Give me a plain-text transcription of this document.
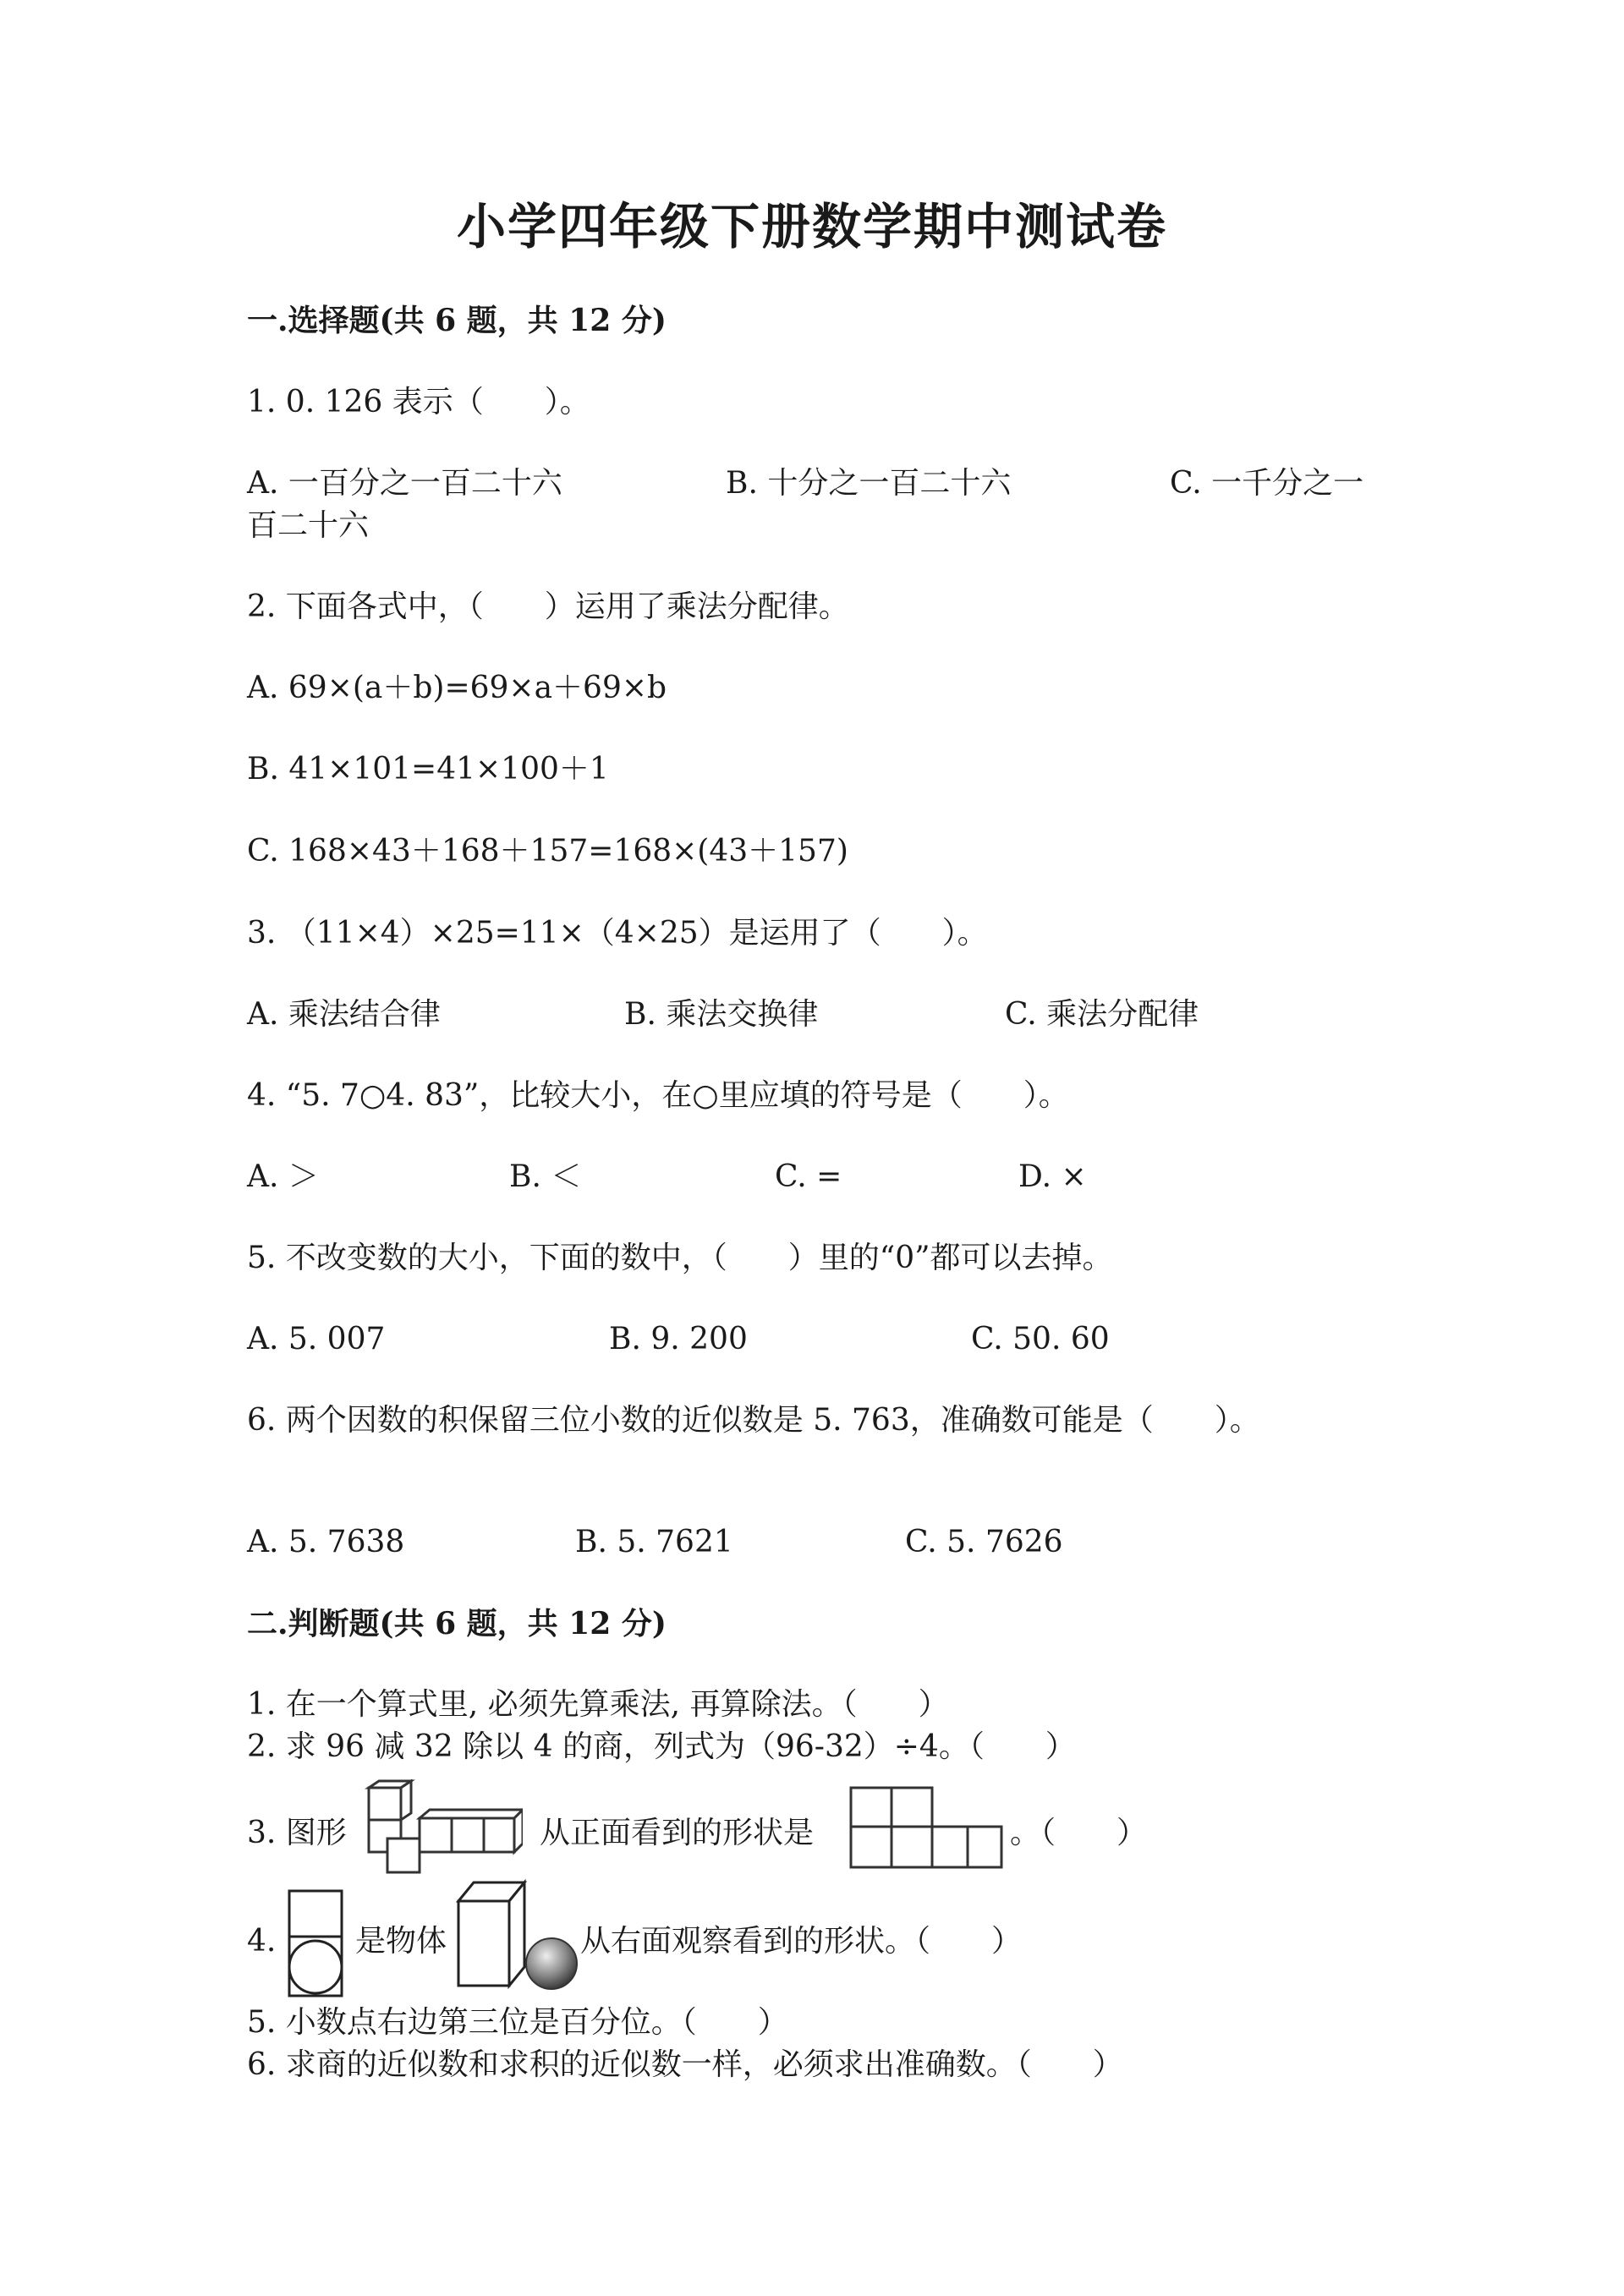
小学四年级下册数学期中测试卷
一.选择题(共 6 题，共 12 分)
1. 0. 126 表示（　　）。
A. 一百分之一百二十六	B. 十分之一百二十六	C. 一千分之一
百二十六
2. 下面各式中，（　　）运用了乘法分配律。
A. 69×(a＋b)=69×a＋69×b
B. 41×101=41×100＋1
C. 168×43＋168＋157=168×(43＋157)
3. （11×4）×25=11×（4×25）是运用了（　　）。
A. 乘法结合律	B. 乘法交换律	C. 乘法分配律
4. “5. 7○4. 83”，比较大小，在○里应填的符号是（　　）。
A. ＞	B. ＜	C. =	D. ×
5. 不改变数的大小，下面的数中，（　　）里的“0”都可以去掉。
A. 5. 007	B. 9. 200	C. 50. 60
6. 两个因数的积保留三位小数的近似数是 5. 763，准确数可能是（　　）。
A. 5. 7638	B. 5. 7621	C. 5. 7626
二.判断题(共 6 题，共 12 分)
1. 在一个算式里, 必须先算乘法, 再算除法。（　　）
2. 求 96 减 32 除以 4 的商，列式为（96-32）÷4。（　　）
3. 图形	从正面看到的形状是	。（　　）
4.	是物体	从右面观察看到的形状。（　　）
5. 小数点右边第三位是百分位。（　　）
6. 求商的近似数和求积的近似数一样，必须求出准确数。（　　）
